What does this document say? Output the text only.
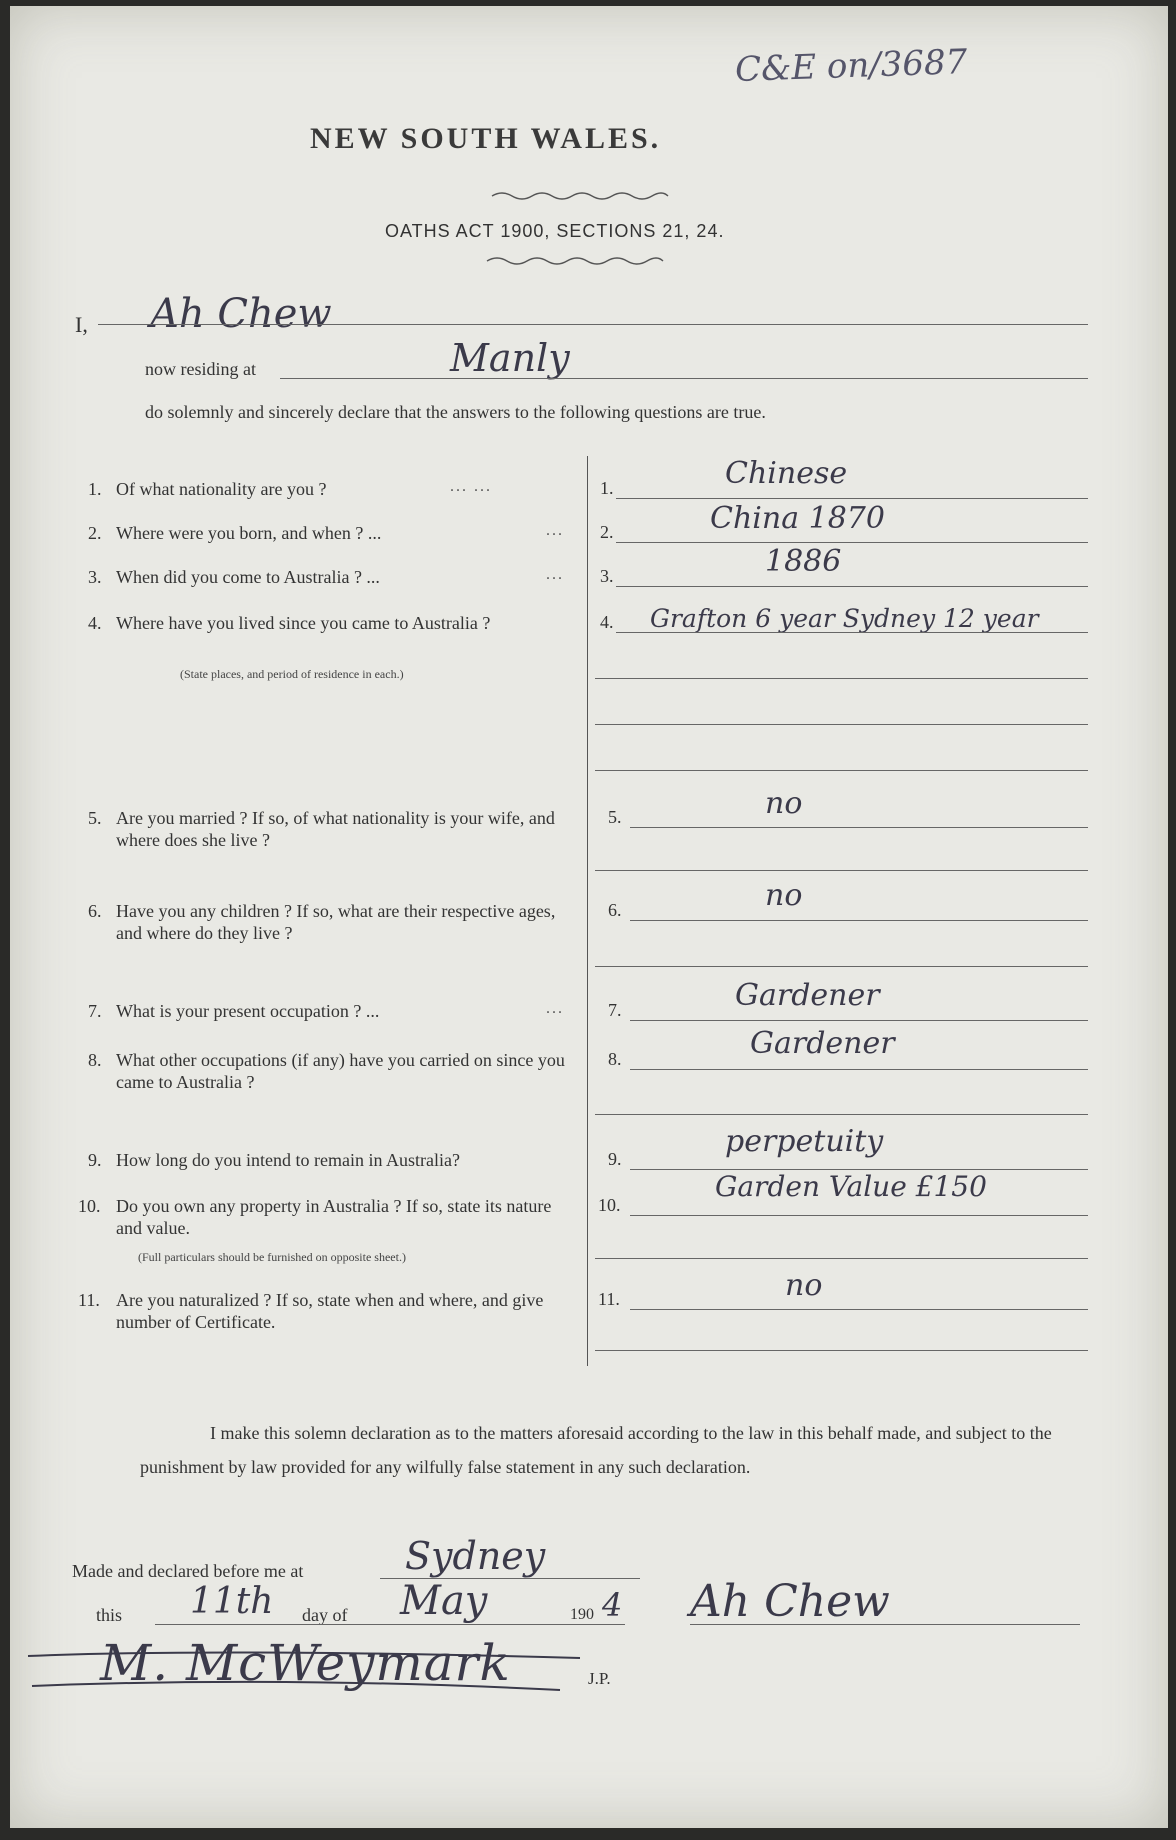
C&E on/3687
NEW SOUTH WALES.
OATHS ACT 1900, SECTIONS 21, 24.
I, Ah Chew
now residing at	Manly
do solemnly and sincerely declare that the answers to the following questions are true.
1. Of what nationality are you ?	... ...	1.	Chinese
2. Where were you born, and when ? ...	... 2.	China 1870
3. When did you come to Australia ? ...	... 3.	1886
4. Where have you lived since you came to Australia ?
(State places, and period of residence in each.)
4. Grafton 6 year Sydney 12 year
5. Are you married ? If so, of what nationality is your wife, and where does she live ?
5.	no
6. Have you any children ? If so, what are their respective ages, and where do they live ?
6.	no
7. What is your present occupation ? ...	... 7.	Gardener
8. What other occupations (if any) have you carried on since you came to Australia ?
8.	Gardener
9. How long do you intend to remain in Australia?	9.	perpetuity
10. Do you own any property in Australia ? If so, state its nature and value.
(Full particulars should be furnished on opposite sheet.)
10.
Garden Value £150
11. Are you naturalized ? If so, state when and where, and give number of Certificate.
11.	no
I make this solemn declaration as to the matters aforesaid according to the law in this behalf made, and subject to the punishment by law provided for any wilfully false statement in any such declaration.
Made and declared before me at	Sydney
this 11th day of May	190 4 Ah Chew
M. McWeymark	J.P.
